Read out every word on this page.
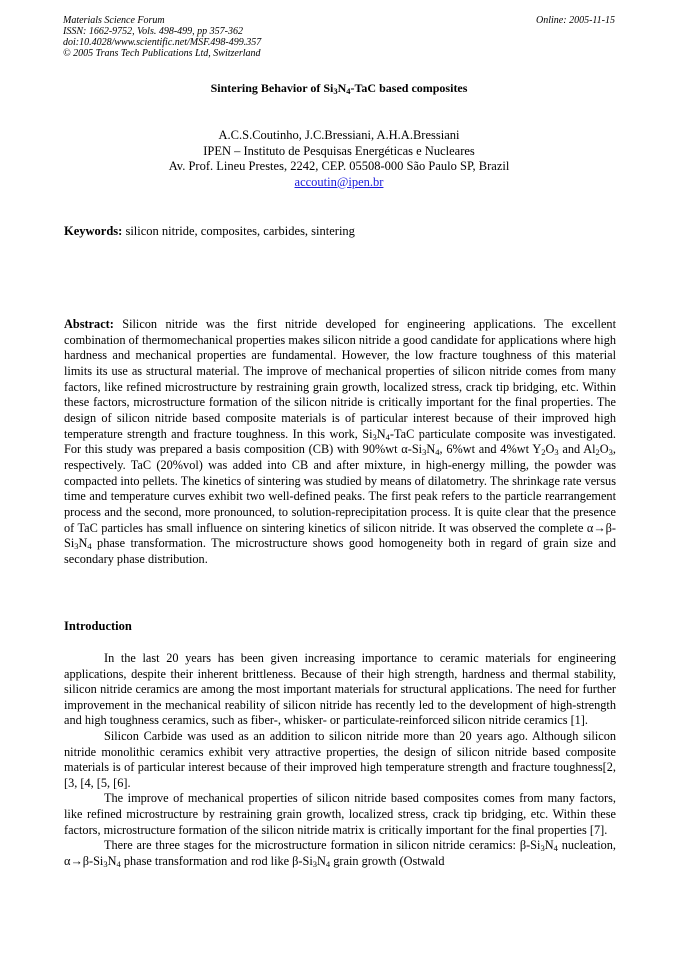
Materials Science Forum
ISSN: 1662-9752, Vols. 498-499, pp 357-362
doi:10.4028/www.scientific.net/MSF.498-499.357
© 2005 Trans Tech Publications Ltd, Switzerland
Online: 2005-11-15
Sintering Behavior of $Si_3N_4$-TaC based composites
A.C.S.Coutinho, J.C.Bressiani, A.H.A.Bressiani
IPEN – Instituto de Pesquisas Energéticas e Nucleares
Av. Prof. Lineu Prestes, 2242, CEP. 05508-000 São Paulo SP, Brazil
accoutin@ipen.br
Keywords: silicon nitride, composites, carbides, sintering
Abstract: Silicon nitride was the first nitride developed for engineering applications. The excellent combination of thermomechanical properties makes silicon nitride a good candidate for applications where high hardness and mechanical properties are fundamental. However, the low fracture toughness of this material limits its use as structural material. The improve of mechanical properties of silicon nitride comes from many factors, like refined microstructure by restraining grain growth, localized stress, crack tip bridging, etc. Within these factors, microstructure formation of the silicon nitride is critically important for the final properties. The design of silicon nitride based composite materials is of particular interest because of their improved high temperature strength and fracture toughness. In this work, $Si_3N_4$-TaC particulate composite was investigated. For this study was prepared a basis composition (CB) with 90%wt $\alpha-Si_3N_4$, 6%wt and 4%wt $Y_2O_3$ and $Al_2O_3$, respectively. TaC (20%vol) was added into CB and after mixture, in high-energy milling, the powder was compacted into pellets. The kinetics of sintering was studied by means of dilatometry. The shrinkage rate versus time and temperature curves exhibit two well-defined peaks. The first peak refers to the particle rearrangement process and the second, more pronounced, to solution-reprecipitation process. It is quite clear that the presence of TaC particles has small influence on sintering kinetics of silicon nitride. It was observed the complete $\alpha\to\beta-Si_3N_4$ phase transformation. The microstructure shows good homogeneity both in regard of grain size and secondary phase distribution.
Introduction

In the last 20 years has been given increasing importance to ceramic materials for engineering applications, despite their inherent brittleness. Because of their high strength, hardness and thermal stability, silicon nitride ceramics are among the most important materials for structural applications. The need for further improvement in the mechanical reability of silicon nitride has recently led to the development of high-strength and high toughness ceramics, such as fiber-, whisker- or particulate-reinforced silicon nitride ceramics [1].

Silicon Carbide was used as an addition to silicon nitride more than 20 years ago. Although silicon nitride monolithic ceramics exhibit very attractive properties, the design of silicon nitride based composite materials is of particular interest because of their improved high temperature strength and fracture toughness[2, [3, [4, [5, [6].

The improve of mechanical properties of silicon nitride based composites comes from many factors, like refined microstructure by restraining grain growth, localized stress, crack tip bridging, etc. Within these factors, microstructure formation of the silicon nitride matrix is critically important for the final properties [7].

There are three stages for the microstructure formation in silicon nitride ceramics: $\beta-Si_3N_4$ nucleation, $\alpha\to\beta-Si_3N_4$ phase transformation and rod like $\beta-Si_3N_4$ grain growth (Ostwald
